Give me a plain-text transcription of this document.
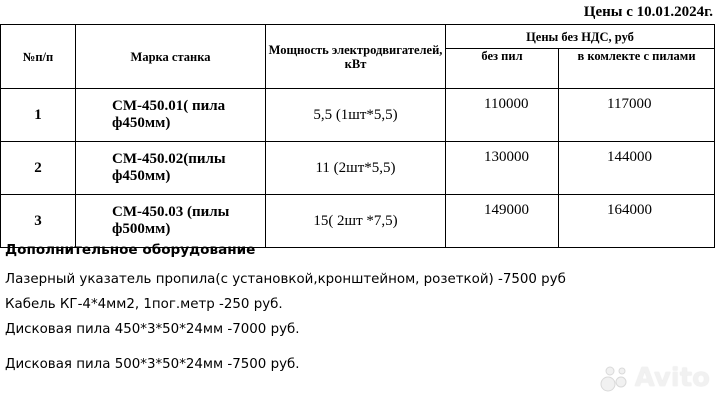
Цены с 10.01.2024г.
№п/п	Марка станка	Мощность электродвигателей, кВт	Цены без НДС, руб	
			без пил	в комлекте с пилами
1	СМ-450.01( пила ф450мм)	5,5 (1шт*5,5)	110000	117000
2	СМ-450.02(пилы ф450мм)	11 (2шт*5,5)	130000	144000
3	СМ-450.03 (пилы ф500мм)	15( 2шт *7,5)	149000	164000
Дополнительное оборудование
Лазерный указатель пропила(с установкой,кронштейном, розеткой) -7500 руб
Кабель КГ-4*4мм2, 1пог.метр -250 руб.
Дисковая пила 450*3*50*24мм -7000 руб.
Дисковая пила 500*3*50*24мм -7500 руб.	Avito
